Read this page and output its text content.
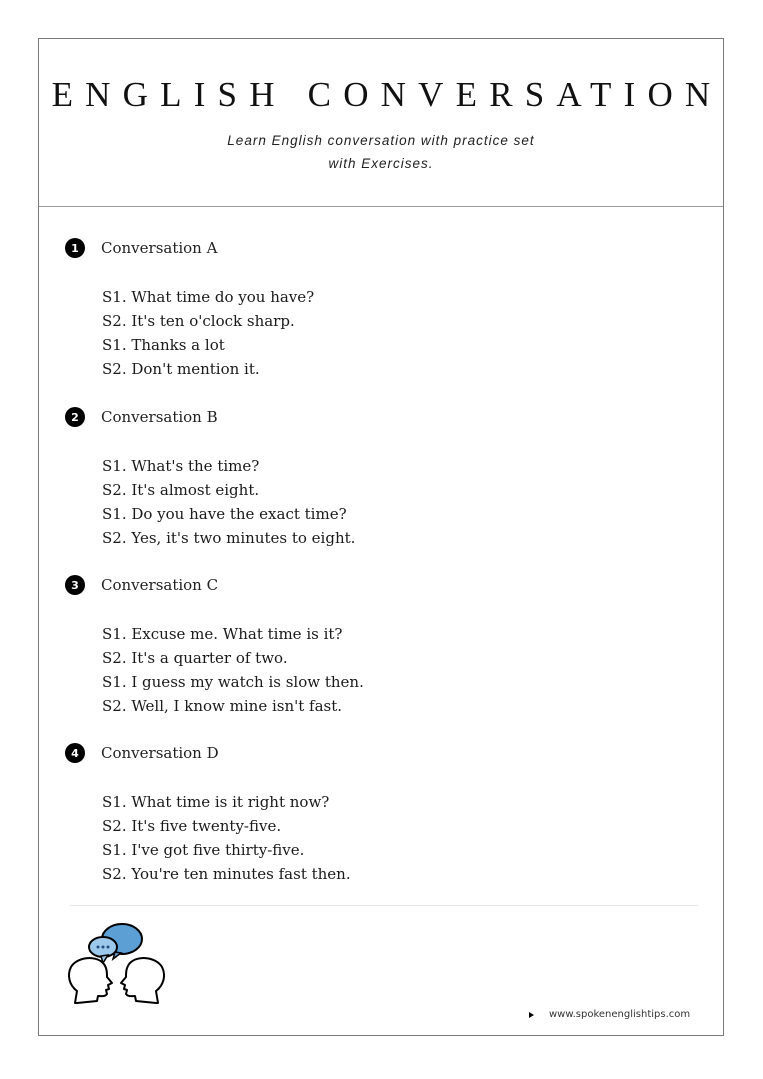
ENGLISH CONVERSATION
Learn English conversation with practice set
with Exercises.
1	Conversation A
S1. What time do you have?
S2. It's ten o'clock sharp.
S1. Thanks a lot
S2. Don't mention it.
2	Conversation B
S1. What's the time?
S2. It's almost eight.
S1. Do you have the exact time?
S2. Yes, it's two minutes to eight.
3	Conversation C
S1. Excuse me. What time is it?
S2. It's a quarter of two.
S1. I guess my watch is slow then.
S2. Well, I know mine isn't fast.
4	Conversation D
S1. What time is it right now?
S2. It's five twenty-five.
S1. I've got five thirty-five.
S2. You're ten minutes fast then.
www.spokenenglishtips.com
